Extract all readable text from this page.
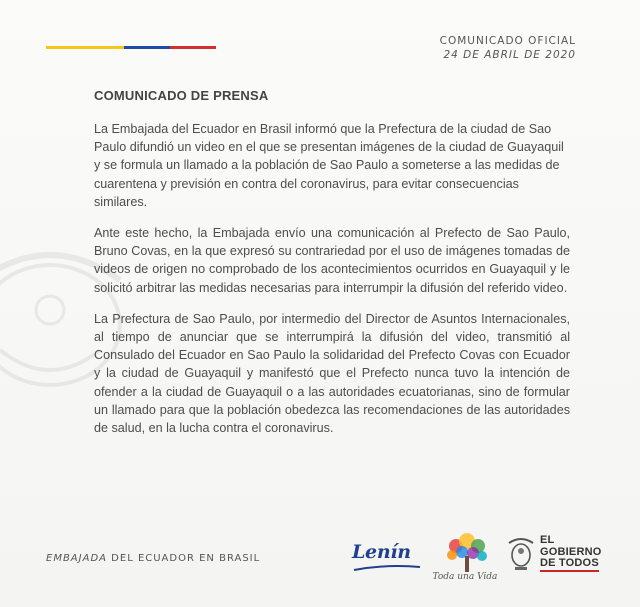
COMUNICADO OFICIAL
24 DE ABRIL DE 2020
COMUNICADO DE PRENSA

La Embajada del Ecuador en Brasil informó que la Prefectura de la ciudad de Sao Paulo difundió un video en el que se presentan imágenes de la ciudad de Guayaquil y se formula un llamado a la población de Sao Paulo a someterse a las medidas de cuarentena y previsión en contra del coronavirus, para evitar consecuencias similares.

Ante este hecho, la Embajada envío una comunicación al Prefecto de Sao Paulo, Bruno Covas, en la que expresó su contrariedad por el uso de imágenes tomadas de videos de origen no comprobado de los acontecimientos ocurridos en Guayaquil y le solicitó arbitrar las medidas necesarias para interrumpir la difusión del referido video.

La Prefectura de Sao Paulo, por intermedio del Director de Asuntos Internacionales, al tiempo de anunciar que se interrumpirá la difusión del video, transmitió al Consulado del Ecuador en Sao Paulo la solidaridad del Prefecto Covas con Ecuador y la ciudad de Guayaquil y manifestó que el Prefecto nunca tuvo la intención de ofender a la ciudad de Guayaquil o a las autoridades ecuatorianas, sino de formular un llamado para que la población obedezca las recomendaciones de las autoridades de salud, en la lucha contra el coronavirus.

EMBAJADA DEL ECUADOR EN BRASIL	Lenín
Toda una Vida
EL
GOBIERNO
DE TODOS
